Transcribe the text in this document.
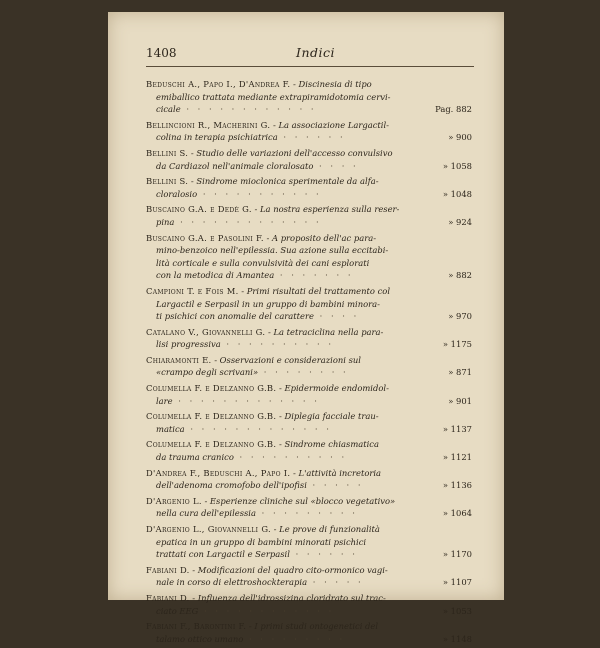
1408	Indici
Beduschi A., Papo I., D'Andrea F. - Discinesia di tipo
emiballico trattata mediante extrapiramidotomia cervi-
cicale · · · · · · · · · · · ·	Pag. 882
Bellincioni R., Macherini G. - La associazione Largactil-
colina in terapia psichiatrica · · · · · ·	» 900
Bellini S. - Studio delle variazioni dell'accesso convulsivo
da Cardiazol nell'animale cloralosato · · · ·	» 1058
Bellini S. - Sindrome mioclonica sperimentale da alfa-
cloralosio · · · · · · · · · · ·	» 1048
Buscaino G.A. e Dedè G. - La nostra esperienza sulla reser-
pina · · · · · · · · · · · · ·	» 924
Buscaino G.A. e Pasolini F. - A proposito dell'ac para-
mino-benzoico nell'epilessia. Sua azione sulla eccitabi-
lità corticale e sulla convulsività dei cani esplorati
con la metodica di Amantea · · · · · · ·	» 882
Campioni T. e Fois M. - Primi risultati del trattamento col
Largactil e Serpasil in un gruppo di bambini minora-
ti psichici con anomalie del carattere · · · ·	» 970
Catalano V., Giovannelli G. - La tetraciclina nella para-
lisi progressiva · · · · · · · · · ·	» 1175
Chiaramonti E. - Osservazioni e considerazioni sul
«crampo degli scrivani» · · · · · · · ·	» 871
Columella F. e Delzanno G.B. - Epidermoide endomidol-
lare · · · · · · · · · · · · ·	» 901
Columella F. e Delzanno G.B. - Diplegia facciale trau-
matica · · · · · · · · · · · · ·	» 1137
Columella F. e Delzanno G.B. - Sindrome chiasmatica
da trauma cranico · · · · · · · · · ·	» 1121
D'Andrea F., Beduschi A., Papo I. - L'attività incretoria
dell'adenoma cromofobo dell'ipofisi · · · · ·	» 1136
D'Argenio L. - Esperienze cliniche sul «blocco vegetativo»
nella cura dell'epilessia · · · · · · · · ·	» 1064
D'Argenio L., Giovannelli G. - Le prove di funzionalità
epatica in un gruppo di bambini minorati psichici
trattati con Largactil e Serpasil · · · · · ·	» 1170
Fabiani D. - Modificazioni del quadro cito-ormonico vagi-
nale in corso di elettroshockterapia · · · · ·	» 1107
Fabiani D. - Influenza dell'idrossizina cloridrato sul trac-
ciato EEG · · · · · · · · · · · ·	» 1053
Fabiani F., Barontini F. - I primi studi ontogenetici del
talamo ottico umano · · · · · · · · ·	» 1148
